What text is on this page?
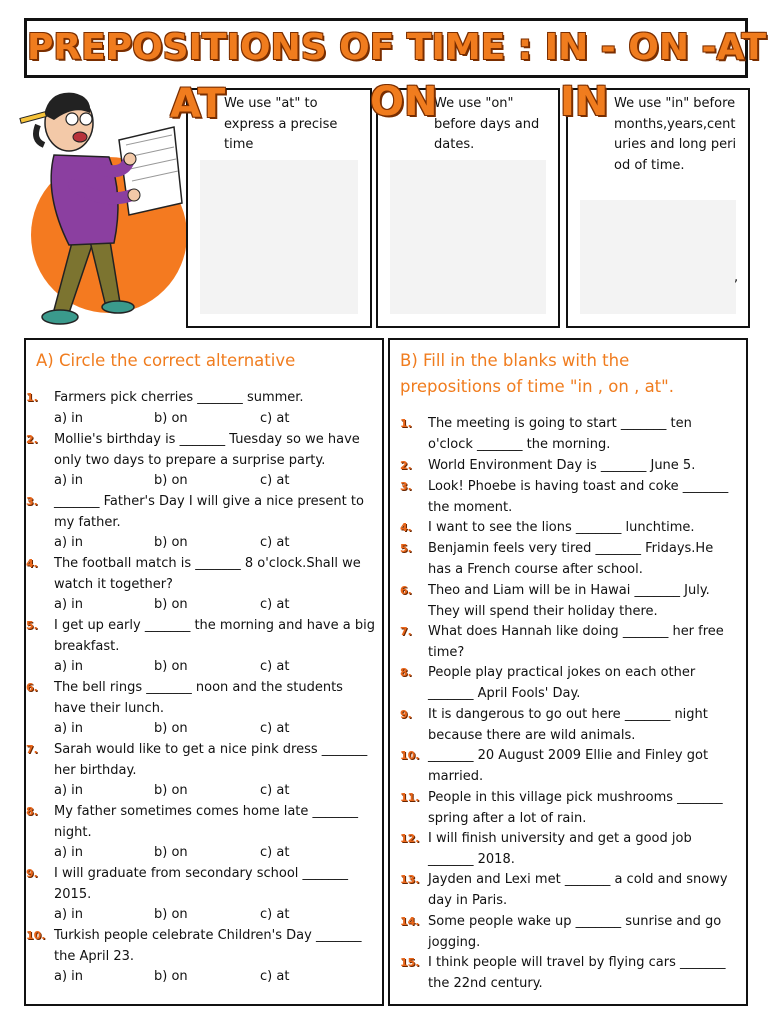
PREPOSITIONS OF TIME : IN - ON -AT
We use "at" to express a precise time
AT	We use "on" before days and dates.
ON	We use "in" before months,years,centuries and long period of time.
,
IN
A) Circle the correct alternative
1. Farmers pick cherries _______ summer.
a) in	b) on	c) at
2. Mollie's birthday is _______ Tuesday so we have only two days to prepare a surprise party.
a) in	b) on	c) at
3. _______ Father's Day I will give a nice present to my father.
a) in	b) on	c) at
4. The football match is _______ 8 o'clock.Shall we watch it together?
a) in	b) on	c) at
5. I get up early _______ the morning and have a big breakfast.
a) in	b) on	c) at
6. The bell rings _______ noon and the students have their lunch.
a) in	b) on	c) at
7. Sarah would like to get a nice pink dress _______ her birthday.
a) in	b) on	c) at
8. My father sometimes comes home late _______ night.
a) in	b) on	c) at
9. I will graduate from secondary school _______ 2015.
a) in	b) on	c) at
10. Turkish people celebrate Children's Day _______ the April 23.
a) in	b) on	c) at
B) Fill in the blanks with the prepositions of time "in , on , at".
1. The meeting is going to start _______ ten o'clock _______ the morning.
2. World Environment Day is _______ June 5.
3. Look! Phoebe is having toast and coke _______ the moment.
4. I want to see the lions _______ lunchtime.
5. Benjamin feels very tired _______ Fridays.He has a French course after school.
6. Theo and Liam will be in Hawai _______ July. They will spend their holiday there.
7. What does Hannah like doing _______ her free time?
8. People play practical jokes on each other _______ April Fools' Day.
9. It is dangerous to go out here _______ night because there are wild animals.
10. _______ 20 August 2009 Ellie and Finley got married.
11. People in this village pick mushrooms _______ spring after a lot of rain.
12. I will finish university and get a good job _______ 2018.
13. Jayden and Lexi met _______ a cold and snowy day in Paris.
14. Some people wake up _______ sunrise and go jogging.
15. I think people will travel by flying cars _______ the 22nd century.
